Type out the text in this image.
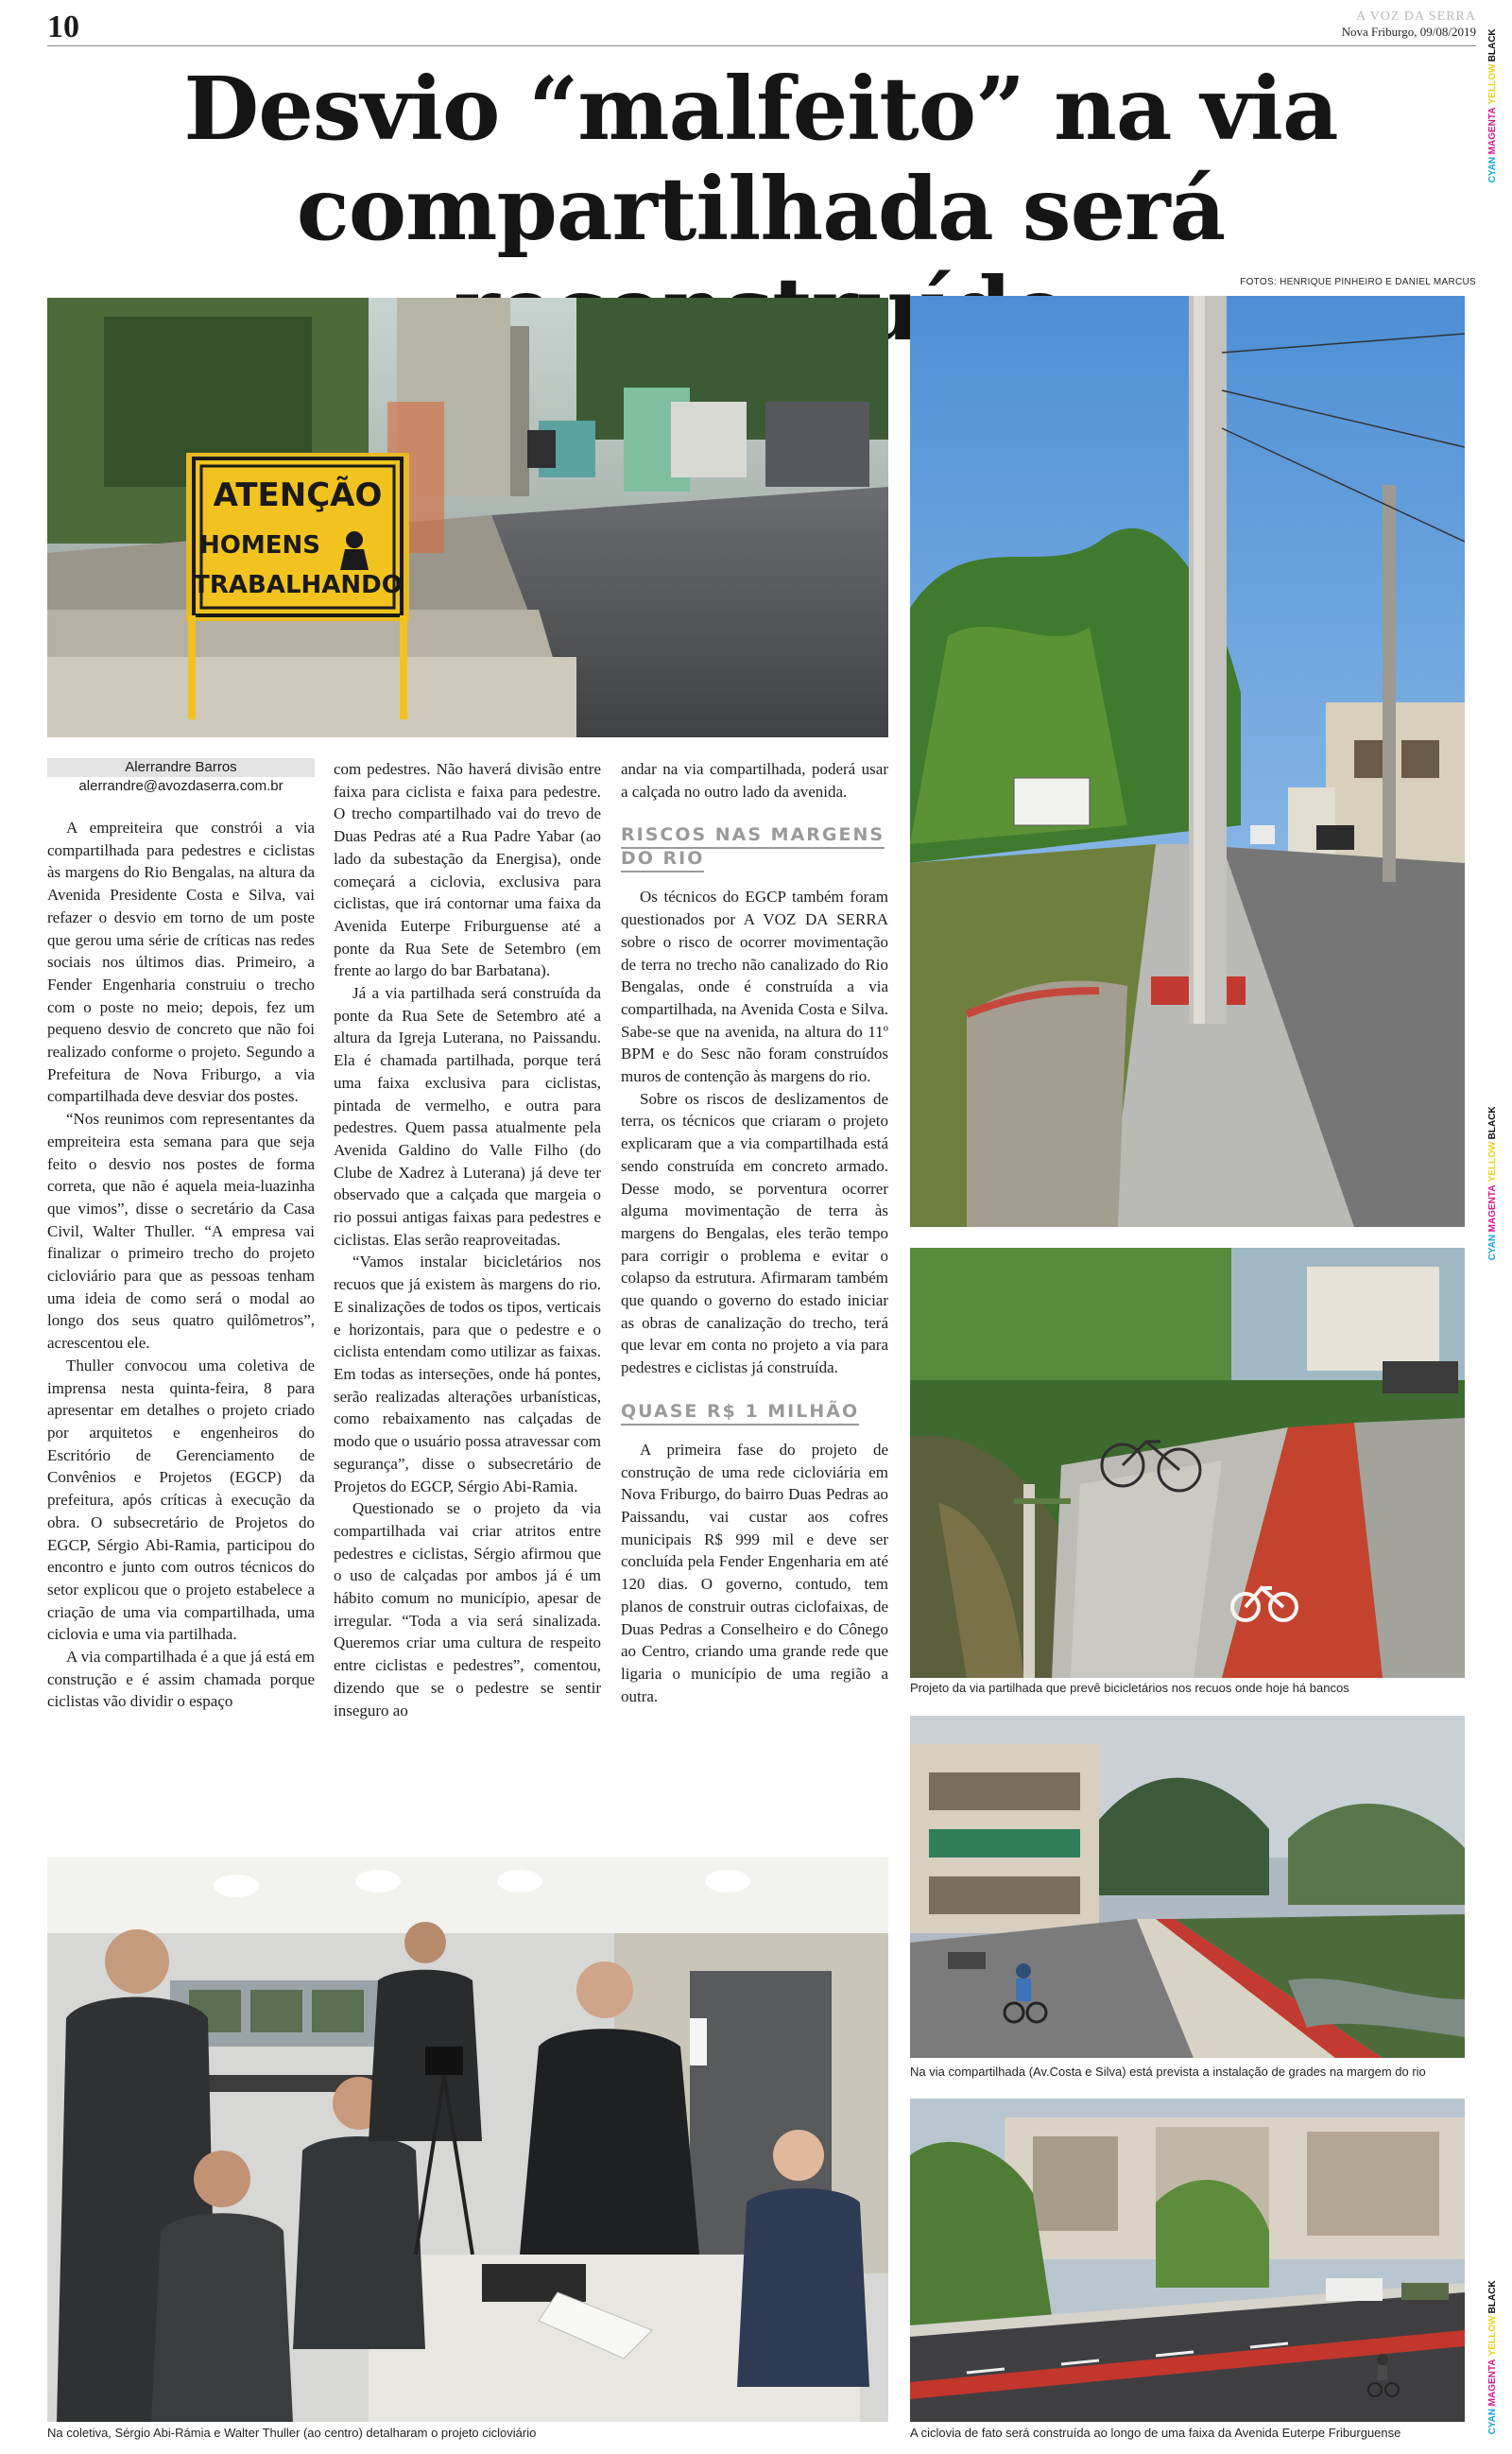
10	A VOZ DA SERRA
Nova Friburgo, 09/08/2019
CYAN MAGENTA YELLOW BLACK
CYAN MAGENTA YELLOW BLACK
CYAN MAGENTA YELLOW BLACK
Desvio “malfeito” na via
compartilhada será
FOTOS: HENRIQUE PINHEIRO E DANIEL MARCUS
ATENÇÃO
HOMENS
TRABALHANDO
Projeto da via partilhada que prevê bicicletários nos recuos onde hoje há bancos
Na via compartilhada (Av.Costa e Silva) está prevista a instalação de grades na margem do rio
Na coletiva, Sérgio Abi-Rámia e Walter Thuller (ao centro) detalharam o projeto cicloviário	A ciclovia de fato será construída ao longo de uma faixa da Avenida Euterpe Friburguense
Alerrandre Barros
alerrandre@avozdaserra.com.br

A empreiteira que constrói a via compartilhada para pedestres e ciclistas às margens do Rio Bengalas, na altura da Avenida Presidente Costa e Silva, vai refazer o desvio em torno de um poste que gerou uma série de críticas nas redes sociais nos últimos dias. Primeiro, a Fender Engenharia construiu o trecho com o poste no meio; depois, fez um pequeno desvio de concreto que não foi realizado conforme o projeto. Segundo a Prefeitura de Nova Friburgo, a via compartilhada deve desviar dos postes.

“Nos reunimos com representantes da empreiteira esta semana para que seja feito o desvio nos postes de forma correta, que não é aquela meia-luazinha que vimos”, disse o secretário da Casa Civil, Walter Thuller. “A empresa vai finalizar o primeiro trecho do projeto cicloviário para que as pessoas tenham uma ideia de como será o modal ao longo dos seus quatro quilômetros”, acrescentou ele.

Thuller convocou uma coletiva de imprensa nesta quinta-feira, 8 para apresentar em detalhes o projeto criado por arquitetos e engenheiros do Escritório de Gerenciamento de Convênios e Projetos (EGCP) da prefeitura, após críticas à execução da obra. O subsecretário de Projetos do EGCP, Sérgio Abi-Ramia, participou do encontro e junto com outros técnicos do setor explicou que o projeto estabelece a criação de uma via compartilhada, uma ciclovia e uma via partilhada.

A via compartilhada é a que já está em construção e é assim chamada porque ciclistas vão dividir o espaço

com pedestres. Não haverá divisão entre faixa para ciclista e faixa para pedestre. O trecho compartilhado vai do trevo de Duas Pedras até a Rua Padre Yabar (ao lado da subestação da Energisa), onde começará a ciclovia, exclusiva para ciclistas, que irá contornar uma faixa da Avenida Euterpe Friburguense até a ponte da Rua Sete de Setembro (em frente ao largo do bar Barbatana).

Já a via partilhada será construída da ponte da Rua Sete de Setembro até a altura da Igreja Luterana, no Paissandu. Ela é chamada partilhada, porque terá uma faixa exclusiva para ciclistas, pintada de vermelho, e outra para pedestres. Quem passa atualmente pela Avenida Galdino do Valle Filho (do Clube de Xadrez à Luterana) já deve ter observado que a calçada que margeia o rio possui antigas faixas para pedestres e ciclistas. Elas serão reaproveitadas.

“Vamos instalar bicicletários nos recuos que já existem às margens do rio. E sinalizações de todos os tipos, verticais e horizontais, para que o pedestre e o ciclista entendam como utilizar as faixas. Em todas as interseções, onde há pontes, serão realizadas alterações urbanísticas, como rebaixamento nas calçadas de modo que o usuário possa atravessar com segurança”, disse o subsecretário de Projetos do EGCP, Sérgio Abi-Ramia.

Questionado se o projeto da via compartilhada vai criar atritos entre pedestres e ciclistas, Sérgio afirmou que o uso de calçadas por ambos já é um hábito comum no município, apesar de irregular. “Toda a via será sinalizada. Queremos criar uma cultura de respeito entre ciclistas e pedestres”, comentou, dizendo que se o pedestre se sentir inseguro ao

andar na via compartilhada, poderá usar a calçada no outro lado da avenida.

RISCOS NAS MARGENS DO RIO

Os técnicos do EGCP também foram questionados por A VOZ DA SERRA sobre o risco de ocorrer movimentação de terra no trecho não canalizado do Rio Bengalas, onde é construída a via compartilhada, na Avenida Costa e Silva. Sabe-se que na avenida, na altura do 11º BPM e do Sesc não foram construídos muros de contenção às margens do rio.

Sobre os riscos de deslizamentos de terra, os técnicos que criaram o projeto explicaram que a via compartilhada está sendo construída em concreto armado. Desse modo, se porventura ocorrer alguma movimentação de terra às margens do Bengalas, eles terão tempo para corrigir o problema e evitar o colapso da estrutura. Afirmaram também que quando o governo do estado iniciar as obras de canalização do trecho, terá que levar em conta no projeto a via para pedestres e ciclistas já construída.

QUASE R$ 1 MILHÃO

A primeira fase do projeto de construção de uma rede cicloviária em Nova Friburgo, do bairro Duas Pedras ao Paissandu, vai custar aos cofres municipais R$ 999 mil e deve ser concluída pela Fender Engenharia em até 120 dias. O governo, contudo, tem planos de construir outras ciclofaixas, de Duas Pedras a Conselheiro e do Cônego ao Centro, criando uma grande rede que ligaria o município de uma região a outra.
